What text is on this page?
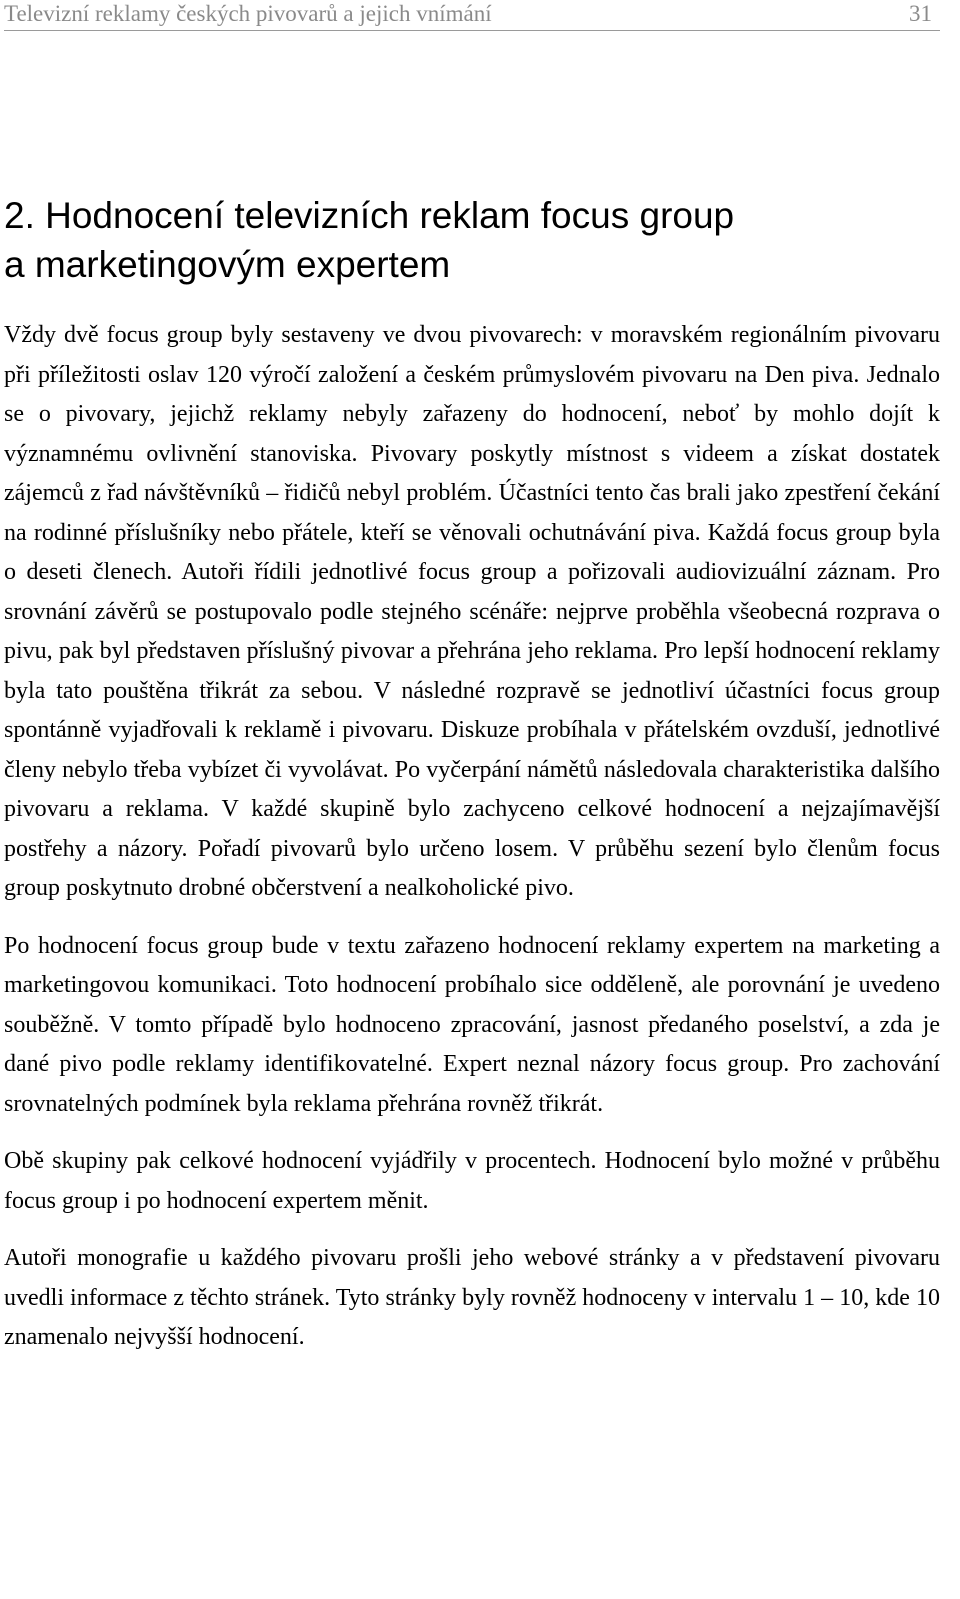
Televizní reklamy českých pivovarů a jejich vnímání	31
2. Hodnocení televizních reklam focus group
a marketingovým expertem

Vždy dvě focus group byly sestaveny ve dvou pivovarech: v moravském regionálním pivovaru při příležitosti oslav 120 výročí založení a českém průmyslovém pivovaru na Den piva. Jednalo se o pivovary, jejichž reklamy nebyly zařazeny do hodnocení, neboť by mohlo dojít k významnému ovlivnění stanoviska. Pivovary poskytly místnost s videem a získat dostatek zájemců z řad návštěvníků – řidičů nebyl problém. Účastníci tento čas brali jako zpestření čekání na rodinné příslušníky nebo přátele, kteří se věnovali ochutnávání piva. Každá focus group byla o deseti členech. Autoři řídili jednotlivé focus group a pořizovali audiovizuální záznam. Pro srovnání závěrů se postupovalo podle stejného scénáře: nejprve proběhla všeobecná rozprava o pivu, pak byl představen příslušný pivovar a přehrána jeho reklama. Pro lepší hodnocení reklamy byla tato pouštěna třikrát za sebou. V následné rozpravě se jednotliví účastníci focus group spontánně vyjadřovali k reklamě i pivovaru. Diskuze probíhala v přátelském ovzduší, jednotlivé členy nebylo třeba vybízet či vyvolávat. Po vyčerpání námětů následovala charakteristika dalšího pivovaru a reklama. V každé skupině bylo zachyceno celkové hodnocení a nejzajímavější postřehy a názory. Pořadí pivovarů bylo určeno losem. V průběhu sezení bylo členům focus group poskytnuto drobné občerstvení a nealkoholické pivo.

Po hodnocení focus group bude v textu zařazeno hodnocení reklamy expertem na marketing a marketingovou komunikaci. Toto hodnocení probíhalo sice odděleně, ale porovnání je uvedeno souběžně. V tomto případě bylo hodnoceno zpracování, jasnost předaného poselství, a zda je dané pivo podle reklamy identifikovatelné. Expert neznal názory focus group. Pro zachování srovnatelných podmínek byla reklama přehrána rovněž třikrát.

Obě skupiny pak celkové hodnocení vyjádřily v procentech. Hodnocení bylo možné v průběhu focus group i po hodnocení expertem měnit.

Autoři monografie u každého pivovaru prošli jeho webové stránky a v představení pivovaru uvedli informace z těchto stránek. Tyto stránky byly rovněž hodnoceny v intervalu 1 – 10, kde 10 znamenalo nejvyšší hodnocení.
